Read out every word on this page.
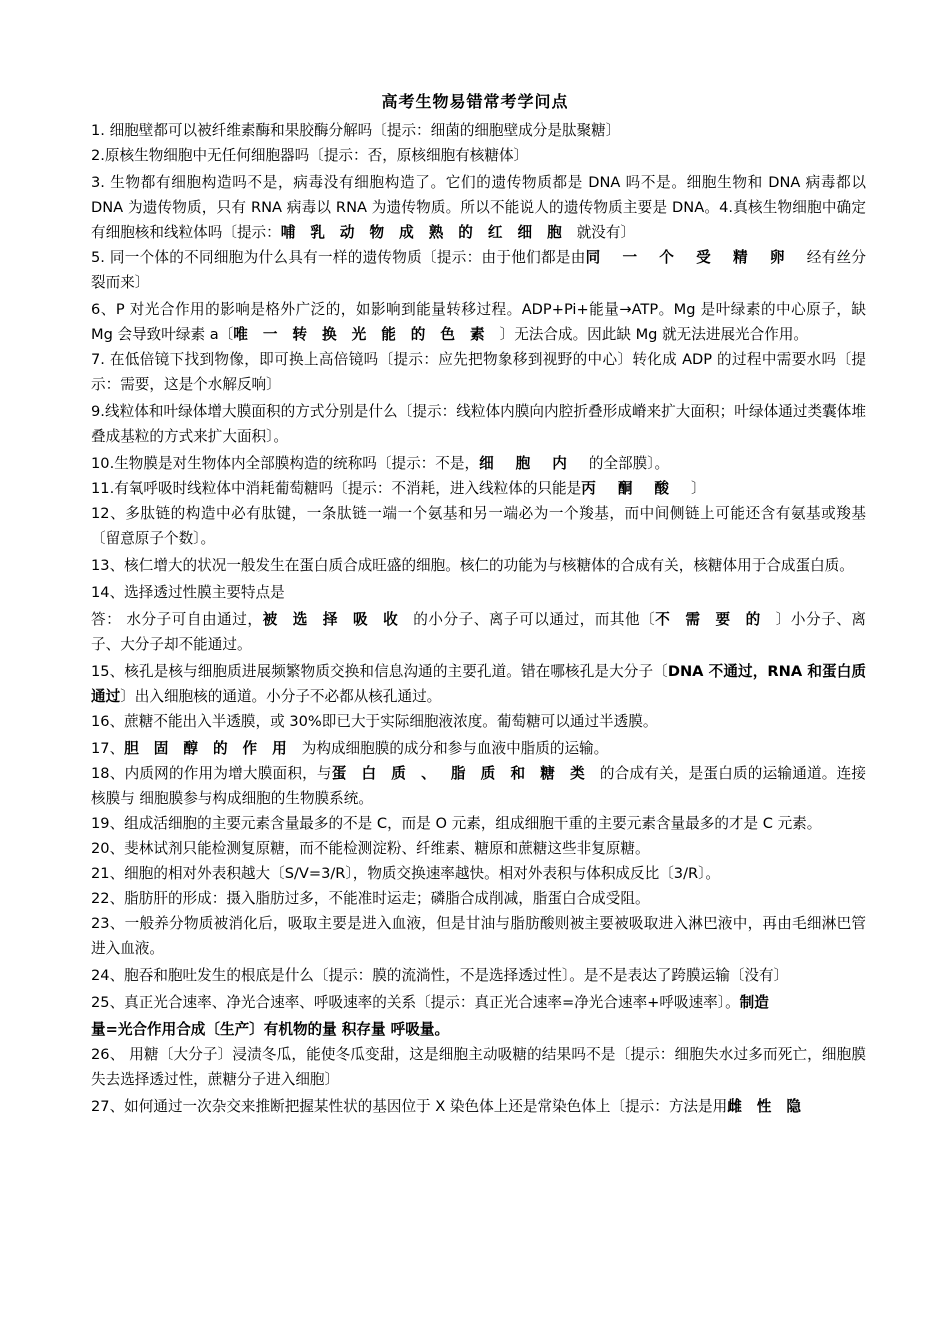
高考生物易错常考学问点

1. 细胞壁都可以被纤维素酶和果胶酶分解吗〔提示：细菌的细胞壁成分是肽聚糖〕

2.原核生物细胞中无任何细胞器吗〔提示：否，原核细胞有核糖体〕

3. 生物都有细胞构造吗不是，病毒没有细胞构造了。它们的遗传物质都是 DNA 吗不是。细胞生物和 DNA 病毒都以 DNA 为遗传物质，只有 RNA 病毒以 RNA 为遗传物质。所以不能说人的遗传物质主要是 DNA。4.真核生物细胞中确定有细胞核和线粒体吗〔提示：哺乳动物成熟的红细胞就没有〕

5. 同一个体的不同细胞为什么具有一样的遗传物质〔提示：由于他们都是由同一个受精卵经有丝分裂而来〕

6、P 对光合作用的影响是格外广泛的，如影响到能量转移过程。ADP+Pi+能量→ATP。Mg 是叶绿素的中心原子，缺 Mg 会导致叶绿素 a〔唯一转换光能的色素〕无法合成。因此缺 Mg 就无法进展光合作用。

7. 在低倍镜下找到物像，即可换上高倍镜吗〔提示：应先把物象移到视野的中心〕转化成 ADP 的过程中需要水吗〔提示：需要，这是个水解反响〕

9.线粒体和叶绿体增大膜面积的方式分别是什么〔提示：线粒体内膜向内腔折叠形成嵴来扩大面积；叶绿体通过类囊体堆叠成基粒的方式来扩大面积〕。

10.生物膜是对生物体内全部膜构造的统称吗〔提示：不是，细胞内的全部膜〕。

11.有氧呼吸时线粒体中消耗葡萄糖吗〔提示：不消耗，进入线粒体的只能是丙酮酸〕

12、多肽链的构造中必有肽键，一条肽链一端一个氨基和另一端必为一个羧基，而中间侧链上可能还含有氨基或羧基〔留意原子个数〕。

13、核仁增大的状况一般发生在蛋白质合成旺盛的细胞。核仁的功能为与核糖体的合成有关，核糖体用于合成蛋白质。

14、选择透过性膜主要特点是

答： 水分子可自由通过，被选择吸收的小分子、离子可以通过，而其他〔不需要的〕小分子、离子、大分子却不能通过。

15、核孔是核与细胞质进展频繁物质交换和信息沟通的主要孔道。错在哪核孔是大分子〔DNA 不通过，RNA 和蛋白质通过〕出入细胞核的通道。小分子不必都从核孔通过。

16、蔗糖不能出入半透膜，或 30%即已大于实际细胞液浓度。葡萄糖可以通过半透膜。

17、胆固醇的作用为构成细胞膜的成分和参与血液中脂质的运输。

18、内质网的作用为增大膜面积，与蛋白质、脂质和糖类的合成有关，是蛋白质的运输通道。连接核膜与 细胞膜参与构成细胞的生物膜系统。

19、组成活细胞的主要元素含量最多的不是 C，而是 O 元素，组成细胞干重的主要元素含量最多的才是 C 元素。

20、斐林试剂只能检测复原糖，而不能检测淀粉、纤维素、糖原和蔗糖这些非复原糖。

21、细胞的相对外表积越大〔S/V=3/R〕，物质交换速率越快。相对外表积与体积成反比〔3/R〕。

22、脂肪肝的形成：摄入脂肪过多，不能准时运走；磷脂合成削减，脂蛋白合成受阻。

23、一般养分物质被消化后，吸取主要是进入血液，但是甘油与脂肪酸则被主要被吸取进入淋巴液中，再由毛细淋巴管进入血液。

24、胞吞和胞吐发生的根底是什么〔提示：膜的流淌性，不是选择透过性〕。是不是表达了跨膜运输〔没有〕

25、真正光合速率、净光合速率、呼吸速率的关系〔提示：真正光合速率=净光合速率+呼吸速率〕。制造

量=光合作用合成〔生产〕有机物的量 积存量 呼吸量。

26、 用糖〔大分子〕浸渍冬瓜，能使冬瓜变甜，这是细胞主动吸糖的结果吗不是〔提示：细胞失水过多而死亡，细胞膜失去选择透过性，蔗糖分子进入细胞〕

27、如何通过一次杂交来推断把握某性状的基因位于 X 染色体上还是常染色体上〔提示：方法是用雌性隐
